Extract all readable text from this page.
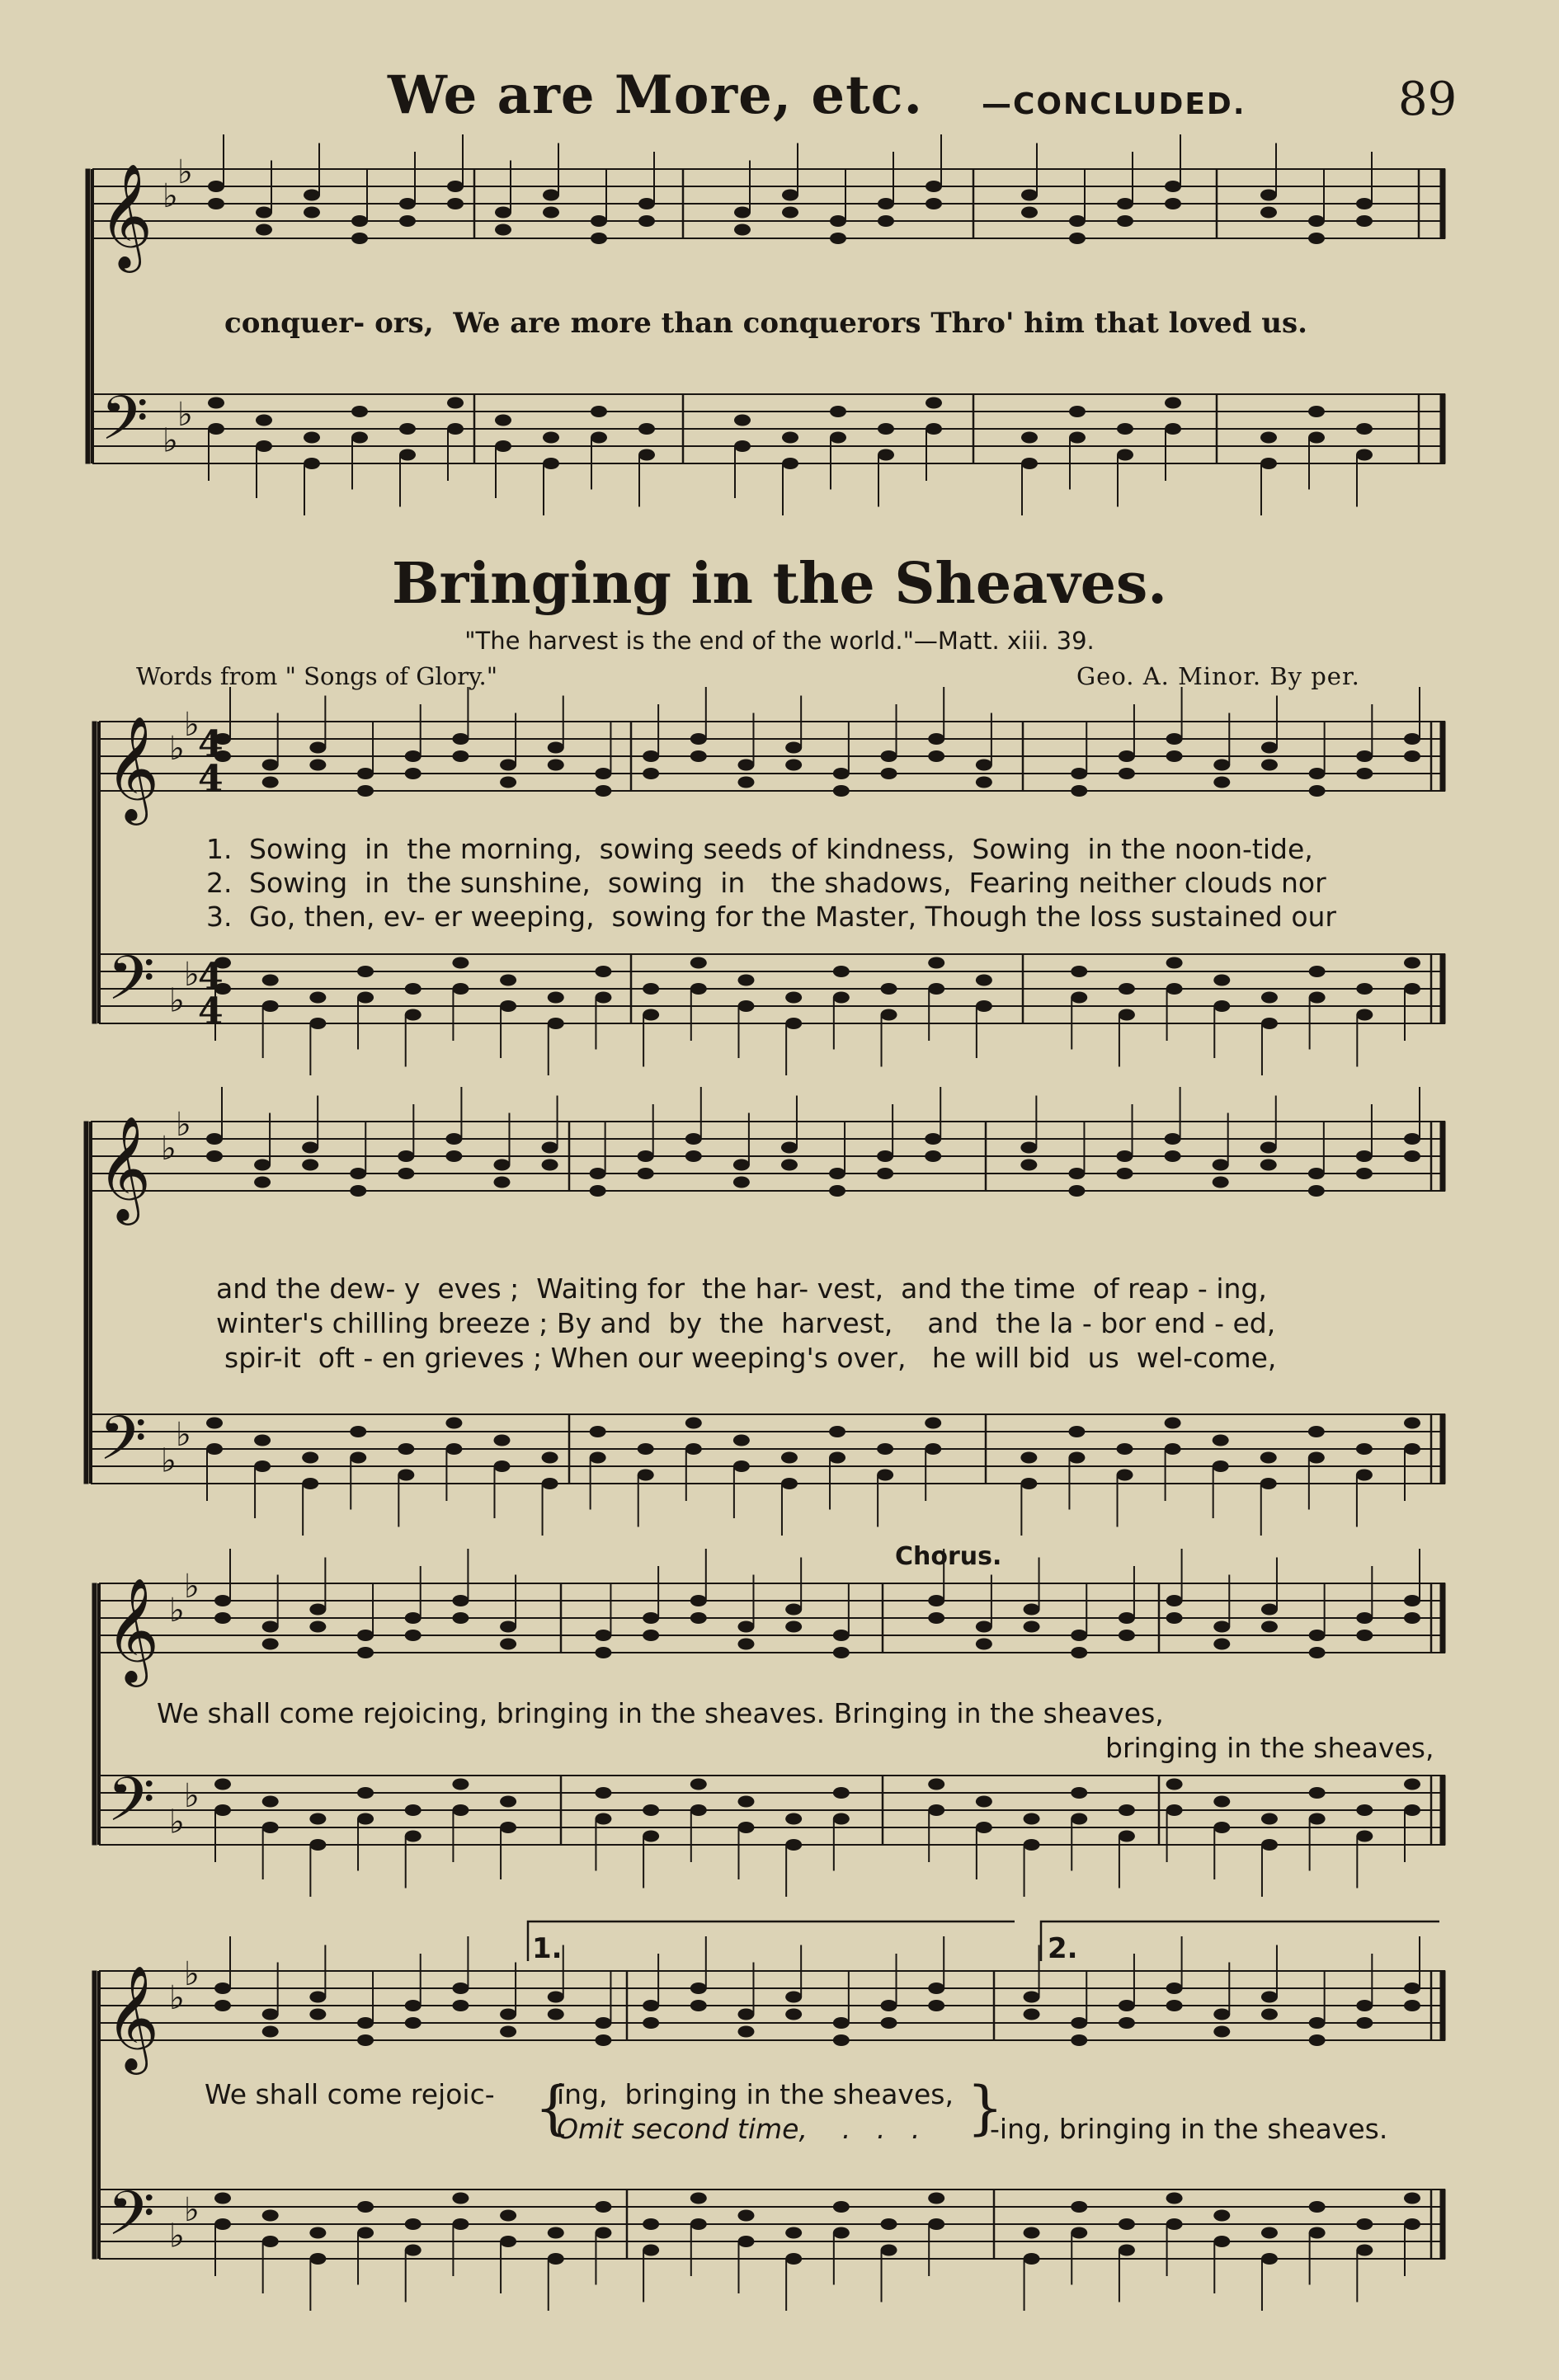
We are More, etc. —CONCLUDED.	89
conquer- ors,  We are more than conquerors Thro' him that loved us.
Bringing in the Sheaves.
"The harvest is the end of the world."—Matt. xiii. 39.
Words from " Songs of Glory."	Geo. A. Minor. By per.
1. Sowing  in  the morning,  sowing seeds of kindness,  Sowing  in the noon-tide,
2. Sowing  in  the sunshine,  sowing  in   the shadows,  Fearing neither clouds nor
3. Go, then, ev- er weeping,  sowing for the Master, Though the loss sustained our
and the dew- y  eves ;  Waiting for  the har- vest,  and the time  of reap - ing,
winter's chilling breeze ; By and  by  the  harvest,    and  the la - bor end - ed,
spir-it  oft - en grieves ; When our weeping's over,   he will bid  us  wel-come,
Chorus.
We shall come rejoicing, bringing in the sheaves. Bringing in the sheaves,
bringing in the sheaves,
1.	2.
We shall come rejoic- ing,  bringing in the sheaves,
Omit second time,    .   .   .	-ing, bringing in the sheaves.
𝄞
𝄢
♭
♭
♭
♭
𝄞
𝄢
♭
♭
♭
♭
𝄞
𝄢
♭
♭
♭
♭
𝄞
𝄢
♭
♭
♭
♭
𝄞
𝄢
♭
♭
♭
♭
4
4
4
4
{	}
